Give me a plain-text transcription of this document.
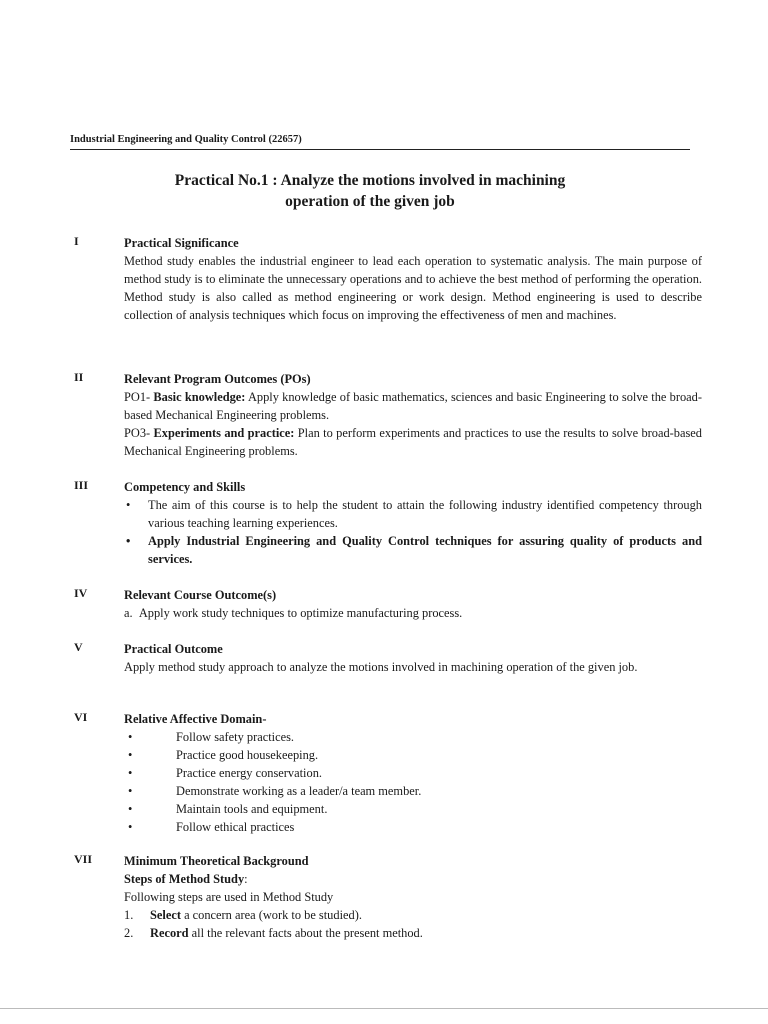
Industrial Engineering and Quality Control (22657)
Practical No.1 : Analyze the motions involved in machining
operation of the given job
I	Practical Significance
Method study enables the industrial engineer to lead each operation to systematic analysis. The main purpose of method study is to eliminate the unnecessary operations and to achieve the best method of performing the operation. Method study is also called as method engineering or work design. Method engineering is used to describe collection of analysis techniques which focus on improving the effectiveness of men and machines.
II	Relevant Program Outcomes (POs)
PO1- Basic knowledge: Apply knowledge of basic mathematics, sciences and basic Engineering to solve the broad-based Mechanical Engineering problems.
PO3- Experiments and practice: Plan to perform experiments and practices to use the results to solve broad-based Mechanical Engineering problems.
III	Competency and Skills
• The aim of this course is to help the student to attain the following industry identified competency through various teaching learning experiences.
• Apply Industrial Engineering and Quality Control techniques for assuring quality of products and services.
IV	Relevant Course Outcome(s)
a. Apply work study techniques to optimize manufacturing process.
V	Practical Outcome
Apply method study approach to analyze the motions involved in machining operation of the given job.
VI	Relative Affective Domain-
•	Follow safety practices.
•	Practice good housekeeping.
•	Practice energy conservation.
•	Demonstrate working as a leader/a team member.
•	Maintain tools and equipment.
•	Follow ethical practices
VII	Minimum Theoretical Background
Steps of Method Study:
Following steps are used in Method Study
1. Select a concern area (work to be studied).
2. Record all the relevant facts about the present method.
